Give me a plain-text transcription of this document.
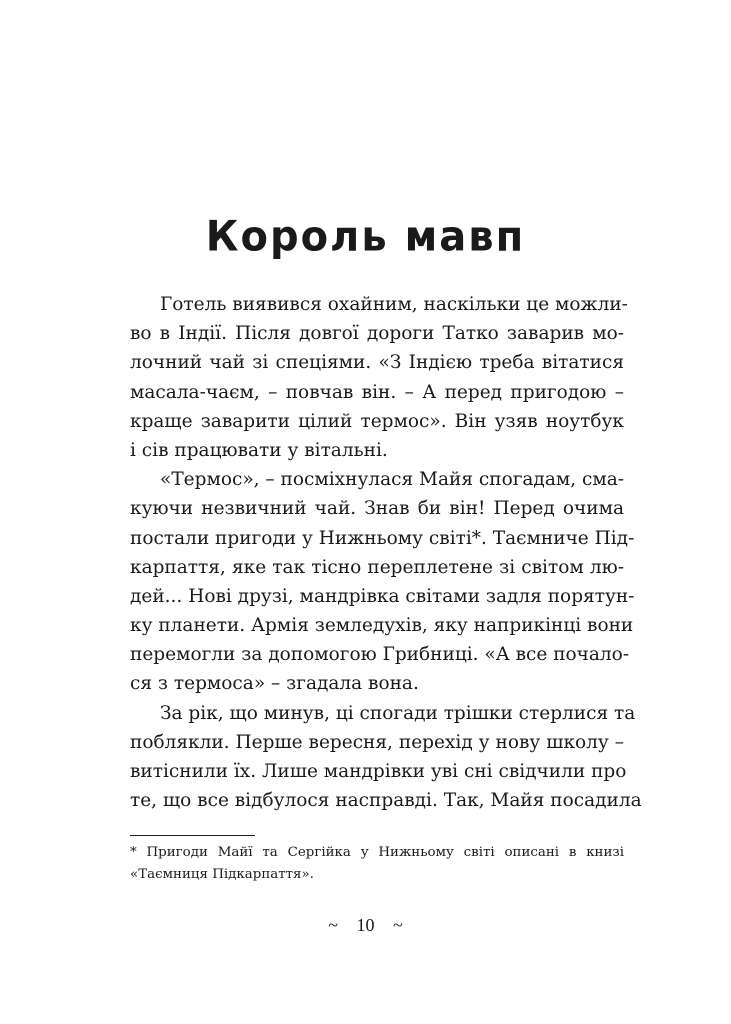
Король мавп
Готель виявився охайним, наскільки це можли-
во в Індії. Після довгої дороги Татко заварив мо-
лочний чай зі спеціями. «З Індією треба вітатися
масала-чаєм, – повчав він. – А перед пригодою –
краще заварити цілий термос». Він узяв ноутбук
і сів працювати у вітальні.
«Термос», – посміхнулася Майя спогадам, сма-
куючи незвичний чай. Знав би він! Перед очима
постали пригоди у Нижньому світі*. Таємниче Під-
карпаття, яке так тісно переплетене зі світом лю-
дей... Нові друзі, мандрівка світами задля порятун-
ку планети. Армія земледухів, яку наприкінці вони
перемогли за допомогою Грибниці. «А все почало-
ся з термоса» – згадала вона.
За рік, що минув, ці спогади трішки стерлися та
поблякли. Перше вересня, перехід у нову школу –
витіснили їх. Лише мандрівки уві сні свідчили про
те, що все відбулося насправді. Так, Майя посадила
* Пригоди Майї та Сергійка у Нижньому світі описані в книзі
«Таємниця Підкарпаття».
~ 10 ~
